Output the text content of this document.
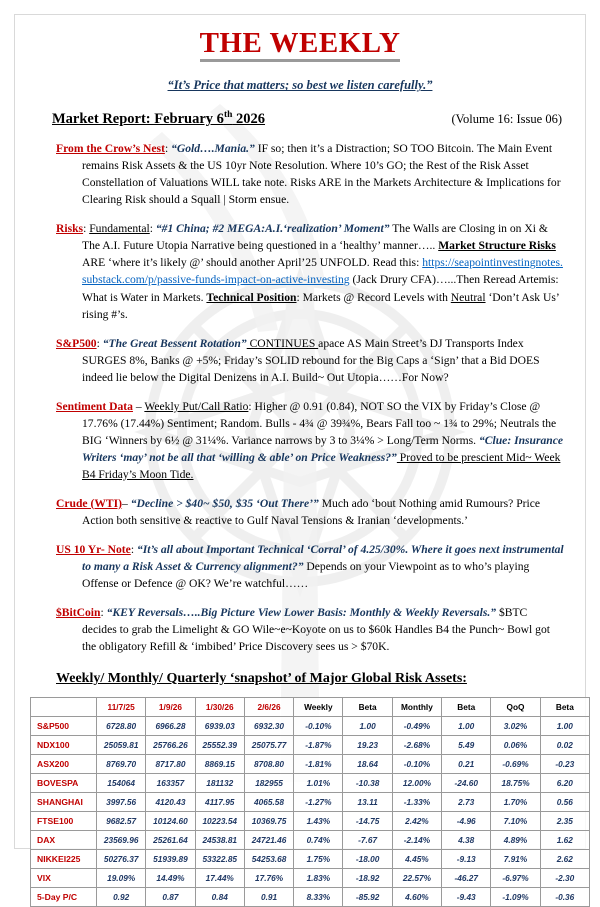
THE WEEKLY
“It’s Price that matters; so best we listen carefully.”
Market Report: February 6th 2026	(Volume 16: Issue 06)

From the Crow’s Nest: “Gold….Mania.” IF so; then it’s a Distraction; SO TOO Bitcoin. The Main Event remains Risk Assets & the US 10yr Note Resolution. Where 10’s GO; the Rest of the Risk Asset Constellation of Valuations WILL take note. Risks ARE in the Markets Architecture & Implications for Clearing Risk should a Squall | Storm ensue.

Risks: Fundamental: “#1 China; #2 MEGA:A.I.‘realization’ Moment” The Walls are Closing in on Xi & The A.I. Future Utopia Narrative being questioned in a ‘healthy’ manner….. Market Structure Risks ARE ‘where it’s likely @’ should another April’25 UNFOLD. Read this: https://seapointinvestingnotes.substack.com/p/passive-funds-impact-on-active-investing (Jack Drury CFA)…...Then Reread Artemis: What is Water in Markets. Technical Position: Markets @ Record Levels with Neutral ‘Don’t Ask Us’ rising #’s.

S&P500: “The Great Bessent Rotation” CONTINUES apace AS Main Street’s DJ Transports Index SURGES 8%, Banks @ +5%; Friday’s SOLID rebound for the Big Caps a ‘Sign’ that a Bid DOES indeed lie below the Digital Denizens in A.I. Build~ Out Utopia……For Now?

Sentiment Data – Weekly Put/Call Ratio: Higher @ 0.91 (0.84), NOT SO the VIX by Friday’s Close @ 17.76% (17.44%) Sentiment; Random. Bulls - 4¾ @ 39¾%, Bears Fall too ~ 1¾ to 29%; Neutrals the BIG ‘Winners by 6½ @ 31¼%. Variance narrows by 3 to 3¼% > Long/Term Norms. “Clue: Insurance Writers ‘may’ not be all that ‘willing & able’ on Price Weakness?” Proved to be prescient Mid~ Week B4 Friday’s Moon Tide.

Crude (WTI)– “Decline > $40~ $50, $35 ‘Out There’” Much ado ‘bout Nothing amid Rumours? Price Action both sensitive & reactive to Gulf Naval Tensions & Iranian ‘developments.’

US 10 Yr- Note: “It’s all about Important Technical ‘Corral’ of 4.25/30%. Where it goes next instrumental to many a Risk Asset & Currency alignment?” Depends on your Viewpoint as to who’s playing Offense or Defence @ OK? We’re watchful……

$BitCoin: “KEY Reversals…..Big Picture View Lower Basis: Monthly & Weekly Reversals.” $BTC decides to grab the Limelight & GO Wile~e~Koyote on us to $60k Handles B4 the Punch~ Bowl got the obligatory Refill & ‘imbibed’ Price Discovery sees us > $70K.

Weekly/ Monthly/ Quarterly ‘snapshot’ of Major Global Risk Assets:
	11/7/25	1/9/26	1/30/26	2/6/26	Weekly	Beta	Monthly	Beta	QoQ	Beta
S&P500	6728.80	6966.28	6939.03	6932.30	-0.10%	1.00	-0.49%	1.00	3.02%	1.00
NDX100	25059.81	25766.26	25552.39	25075.77	-1.87%	19.23	-2.68%	5.49	0.06%	0.02
ASX200	8769.70	8717.80	8869.15	8708.80	-1.81%	18.64	-0.10%	0.21	-0.69%	-0.23
BOVESPA	154064	163357	181132	182955	1.01%	-10.38	12.00%	-24.60	18.75%	6.20
SHANGHAI	3997.56	4120.43	4117.95	4065.58	-1.27%	13.11	-1.33%	2.73	1.70%	0.56
FTSE100	9682.57	10124.60	10223.54	10369.75	1.43%	-14.75	2.42%	-4.96	7.10%	2.35
DAX	23569.96	25261.64	24538.81	24721.46	0.74%	-7.67	-2.14%	4.38	4.89%	1.62
NIKKEI225	50276.37	51939.89	53322.85	54253.68	1.75%	-18.00	4.45%	-9.13	7.91%	2.62
VIX	19.09%	14.49%	17.44%	17.76%	1.83%	-18.92	22.57%	-46.27	-6.97%	-2.30
5-Day P/C	0.92	0.87	0.84	0.91	8.33%	-85.92	4.60%	-9.43	-1.09%	-0.36
